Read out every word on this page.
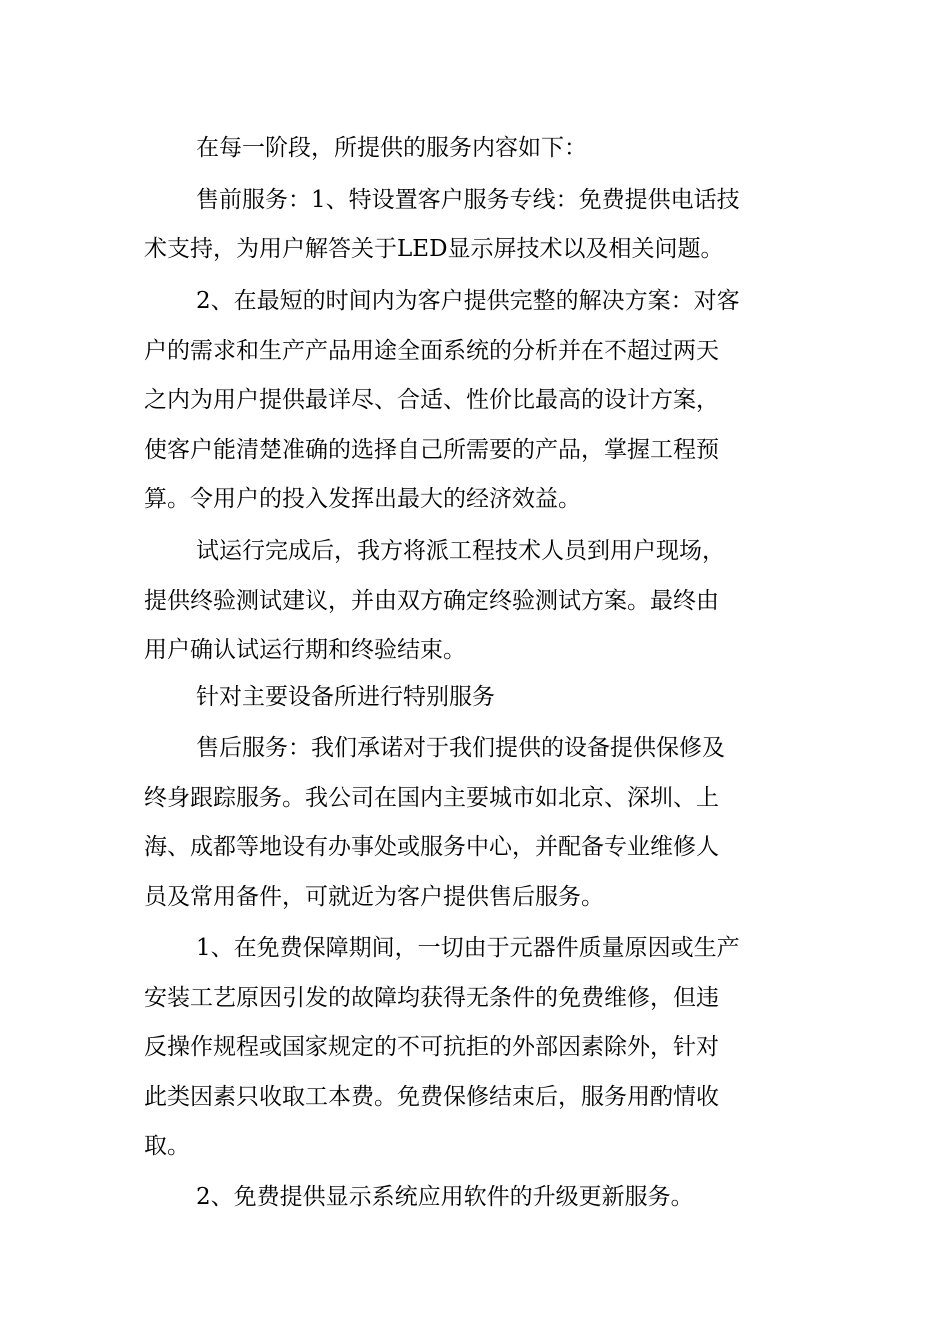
在每一阶段，所提供的服务内容如下：
售前服务：1、特设置客户服务专线：免费提供电话技
术支持，为用户解答关于LED显示屏技术以及相关问题。
2、在最短的时间内为客户提供完整的解决方案：对客
户的需求和生产产品用途全面系统的分析并在不超过两天
之内为用户提供最详尽、合适、性价比最高的设计方案，
使客户能清楚准确的选择自己所需要的产品，掌握工程预
算。令用户的投入发挥出最大的经济效益。
试运行完成后，我方将派工程技术人员到用户现场，
提供终验测试建议，并由双方确定终验测试方案。最终由
用户确认试运行期和终验结束。
针对主要设备所进行特别服务
售后服务：我们承诺对于我们提供的设备提供保修及
终身跟踪服务。我公司在国内主要城市如北京、深圳、上
海、成都等地设有办事处或服务中心，并配备专业维修人
员及常用备件，可就近为客户提供售后服务。
1、在免费保障期间，一切由于元器件质量原因或生产
安装工艺原因引发的故障均获得无条件的免费维修，但违
反操作规程或国家规定的不可抗拒的外部因素除外，针对
此类因素只收取工本费。免费保修结束后，服务用酌情收
取。
2、免费提供显示系统应用软件的升级更新服务。
